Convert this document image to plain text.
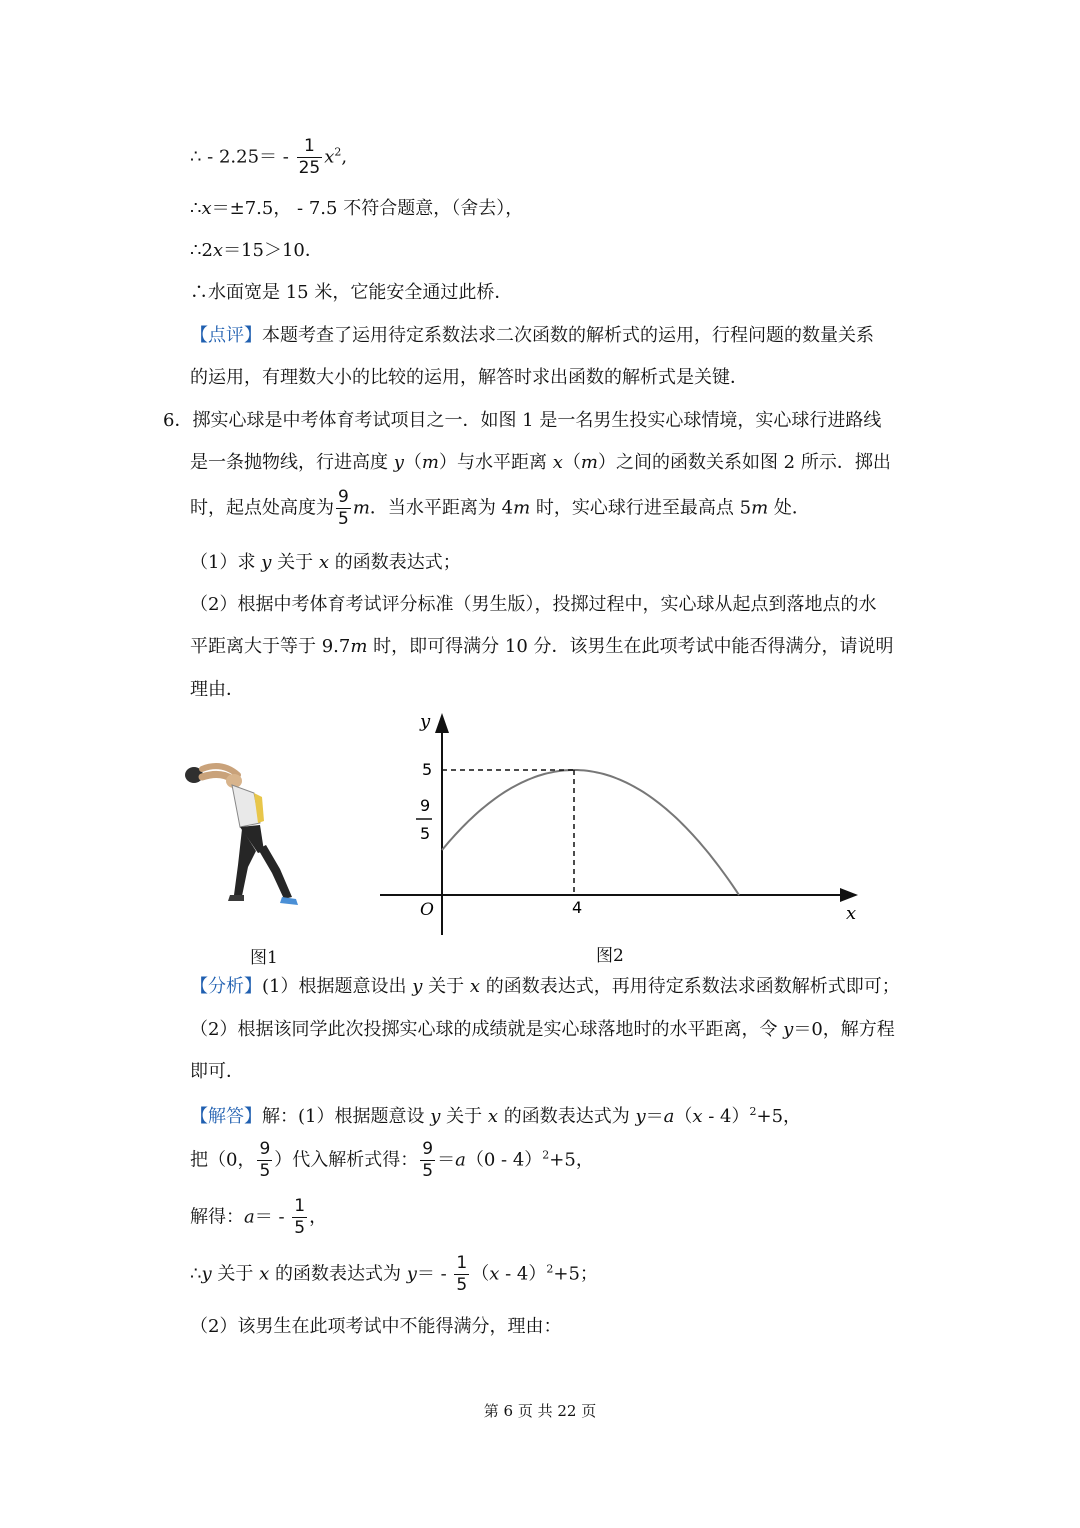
∴ - $2.25= - \frac{1}{25} x^2$,
∴x＝±7.5， - 7.5 不符合题意，（舍去），
∴2x＝15＞10．
∴水面宽是 15 米，它能安全通过此桥．
【点评】本题考查了运用待定系数法求二次函数的解析式的运用，行程问题的数量关系
的运用，有理数大小的比较的运用，解答时求出函数的解析式是关键．
6．掷实心球是中考体育考试项目之一．如图 1 是一名男生投实心球情境，实心球行进路线
是一条抛物线，行进高度 y（m）与水平距离 x（m）之间的函数关系如图 2 所示．掷出
时，起点处高度为 $\frac{9}{5}$ m．当水平距离为 4m 时，实心球行进至最高点 5m 处．
（1）求 y 关于 x 的函数表达式；
（2）根据中考体育考试评分标准（男生版），投掷过程中，实心球从起点到落地点的水
平距离大于等于 9.7m 时，即可得满分 10 分．该男生在此项考试中能否得满分，请说明
理由．
图1
y
x
O
5
9
5
4
图2
【分析】(1）根据题意设出 y 关于 x 的函数表达式，再用待定系数法求函数解析式即可；
（2）根据该同学此次投掷实心球的成绩就是实心球落地时的水平距离，令 y＝0，解方程
即可．
【解答】解：(1）根据题意设 y 关于 x 的函数表达式为 y＝a（x - 4）$^2$+5，
把（0， $\frac{9}{5}$ ）代入解析式得： $\frac{9}{5} =a(0 - 4)^2+5$，
解得：$a= - \frac{1}{5}$ ，
∴y 关于 x 的函数表达式为 $y= - \frac{1}{5} (x - 4)^2+5$；
（2）该男生在此项考试中不能得满分，理由：
第 6 页 共 22 页
